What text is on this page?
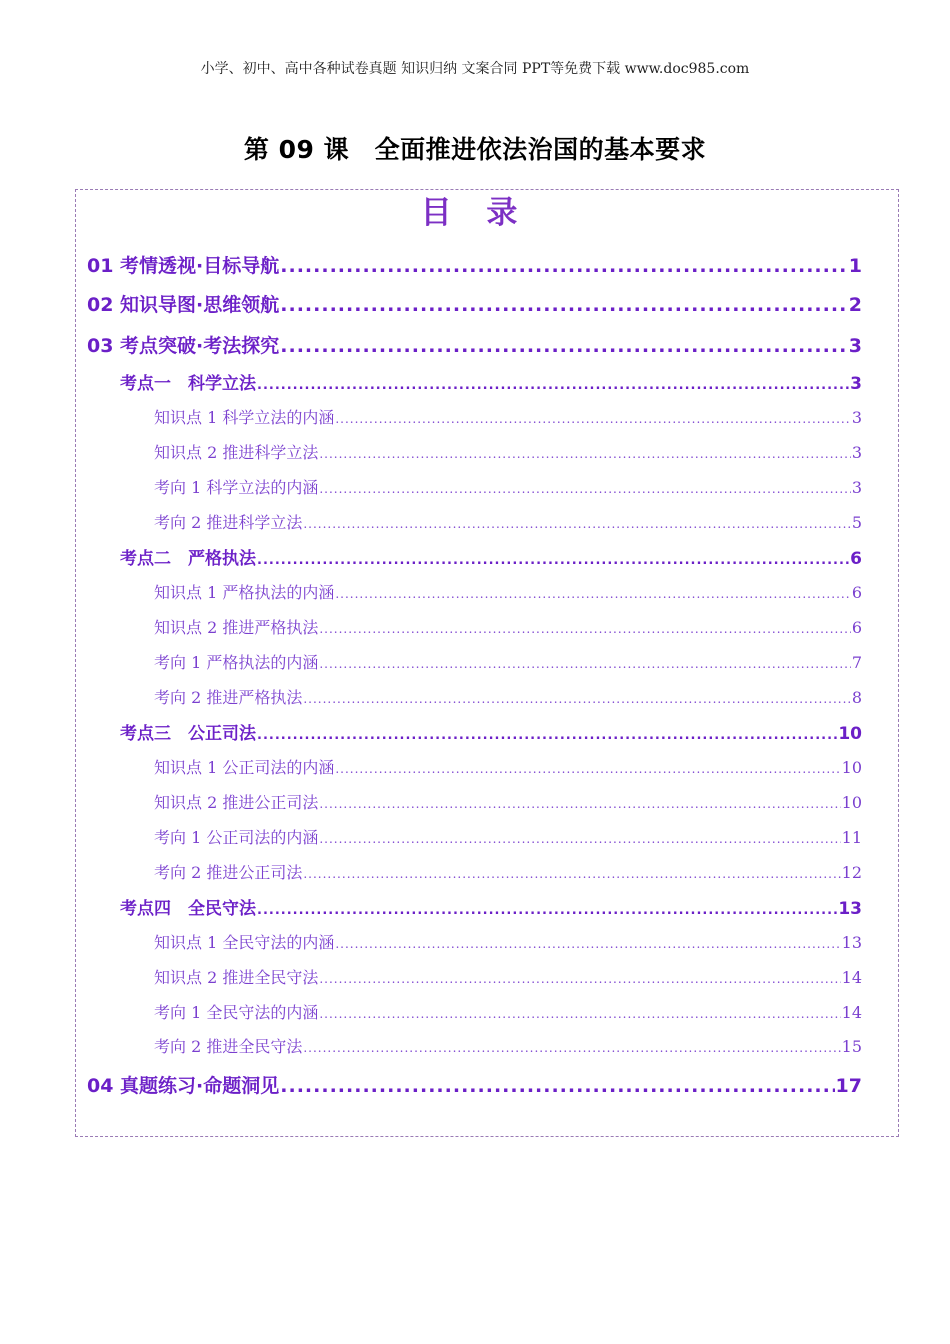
小学、初中、高中各种试卷真题 知识归纳 文案合同 PPT等免费下载 www.doc985.com
第 09 课　全面推进依法治国的基本要求
目 录
01 考情透视·目标导航 .....	1
02 知识导图·思维领航 .....	2
03 考点突破·考法探究 .....	3
考点一　科学立法 .....	3
知识点 1 科学立法的内涵 .....	3
知识点 2 推进科学立法 .....	3
考向 1 科学立法的内涵 .....	3
考向 2 推进科学立法 .....	5
考点二　严格执法 .....	6
知识点 1 严格执法的内涵 .....	6
知识点 2 推进严格执法 .....	6
考向 1 严格执法的内涵 .....	7
考向 2 推进严格执法 .....	8
考点三　公正司法 .....	10
知识点 1 公正司法的内涵 .....	10
知识点 2 推进公正司法 .....	10
考向 1 公正司法的内涵 .....	11
考向 2 推进公正司法 .....	12
考点四　全民守法 .....	13
知识点 1 全民守法的内涵 .....	13
知识点 2 推进全民守法 .....	14
考向 1 全民守法的内涵 .....	14
考向 2 推进全民守法 .....	15
04 真题练习·命题洞见 .....	17
